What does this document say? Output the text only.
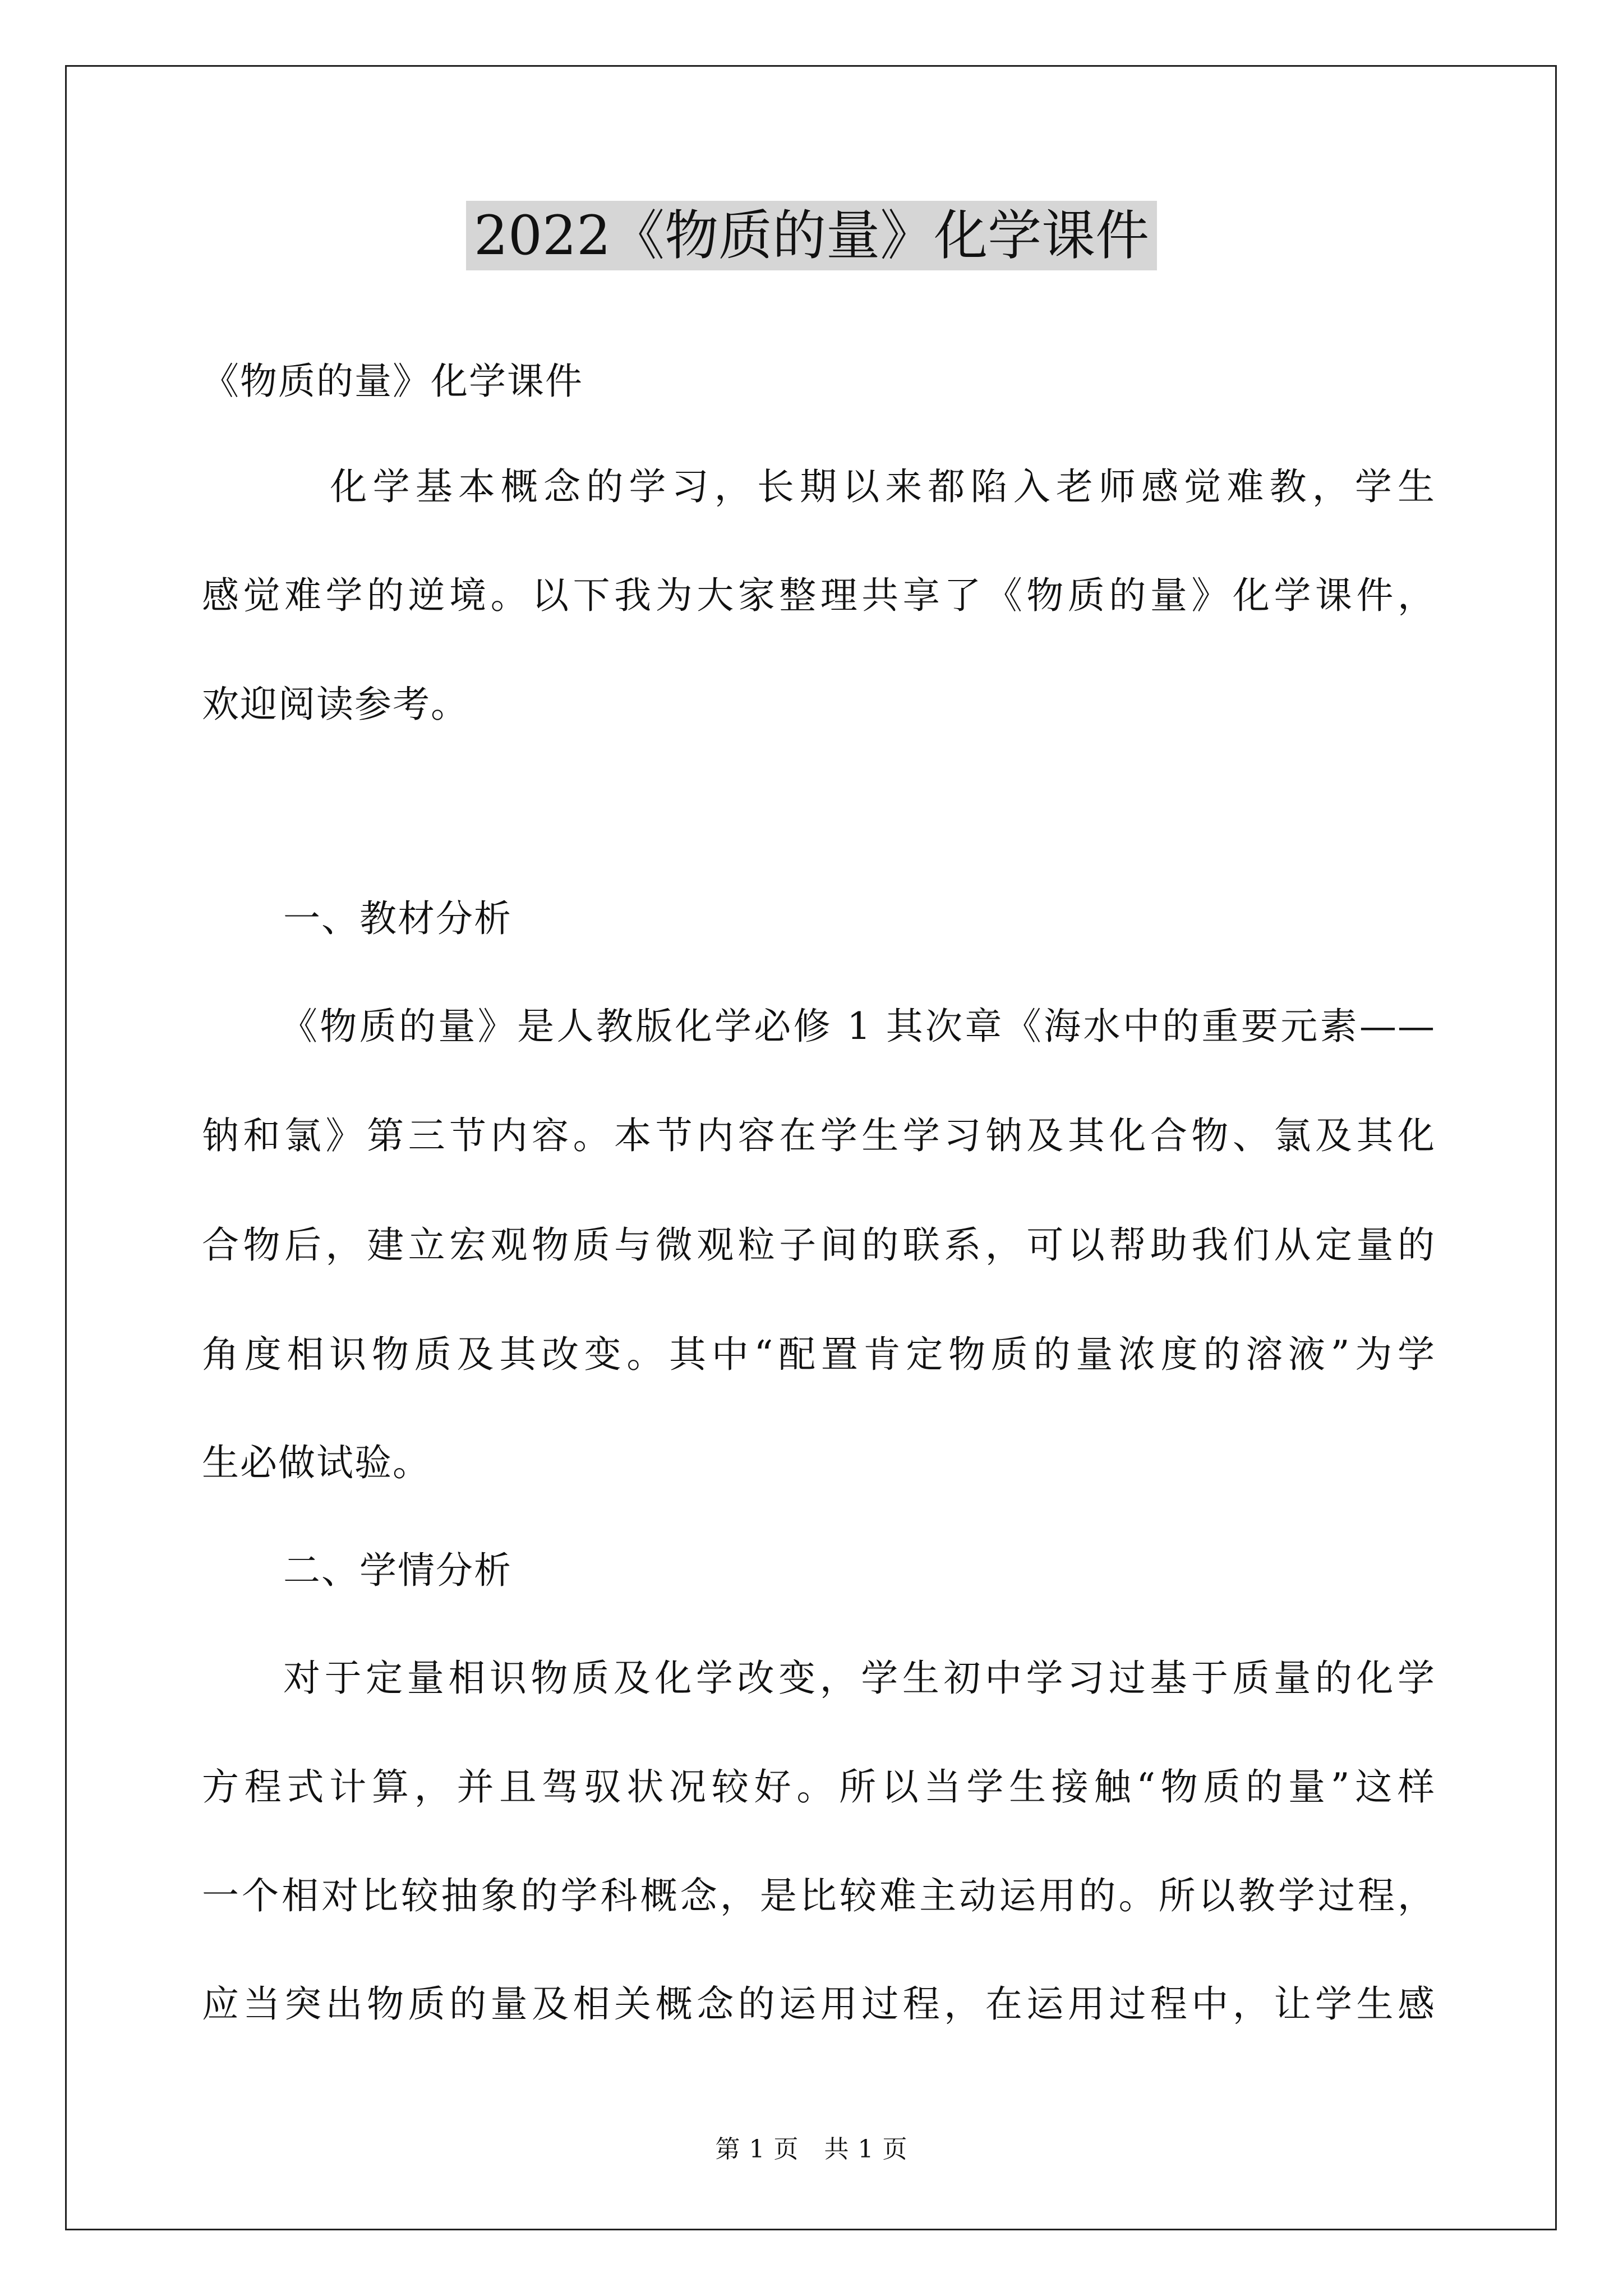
2022《物质的量》化学课件
《物质的量》化学课件
　　　化学基本概念的学习，长期以来都陷入老师感觉难教，学生
感觉难学的逆境。以下我为大家整理共享了《物质的量》化学课件，
欢迎阅读参考。
一、教材分析
《物质的量》是人教版化学必修 1 其次章《海水中的重要元素——
钠和氯》第三节内容。本节内容在学生学习钠及其化合物、氯及其化
合物后，建立宏观物质与微观粒子间的联系，可以帮助我们从定量的
角度相识物质及其改变。其中“配置肯定物质的量浓度的溶液”为学
生必做试验。
二、学情分析
对于定量相识物质及化学改变，学生初中学习过基于质量的化学
方程式计算，并且驾驭状况较好。所以当学生接触“物质的量”这样
一个相对比较抽象的学科概念，是比较难主动运用的。所以教学过程，
应当突出物质的量及相关概念的运用过程，在运用过程中，让学生感
第 1 页　共 1 页
